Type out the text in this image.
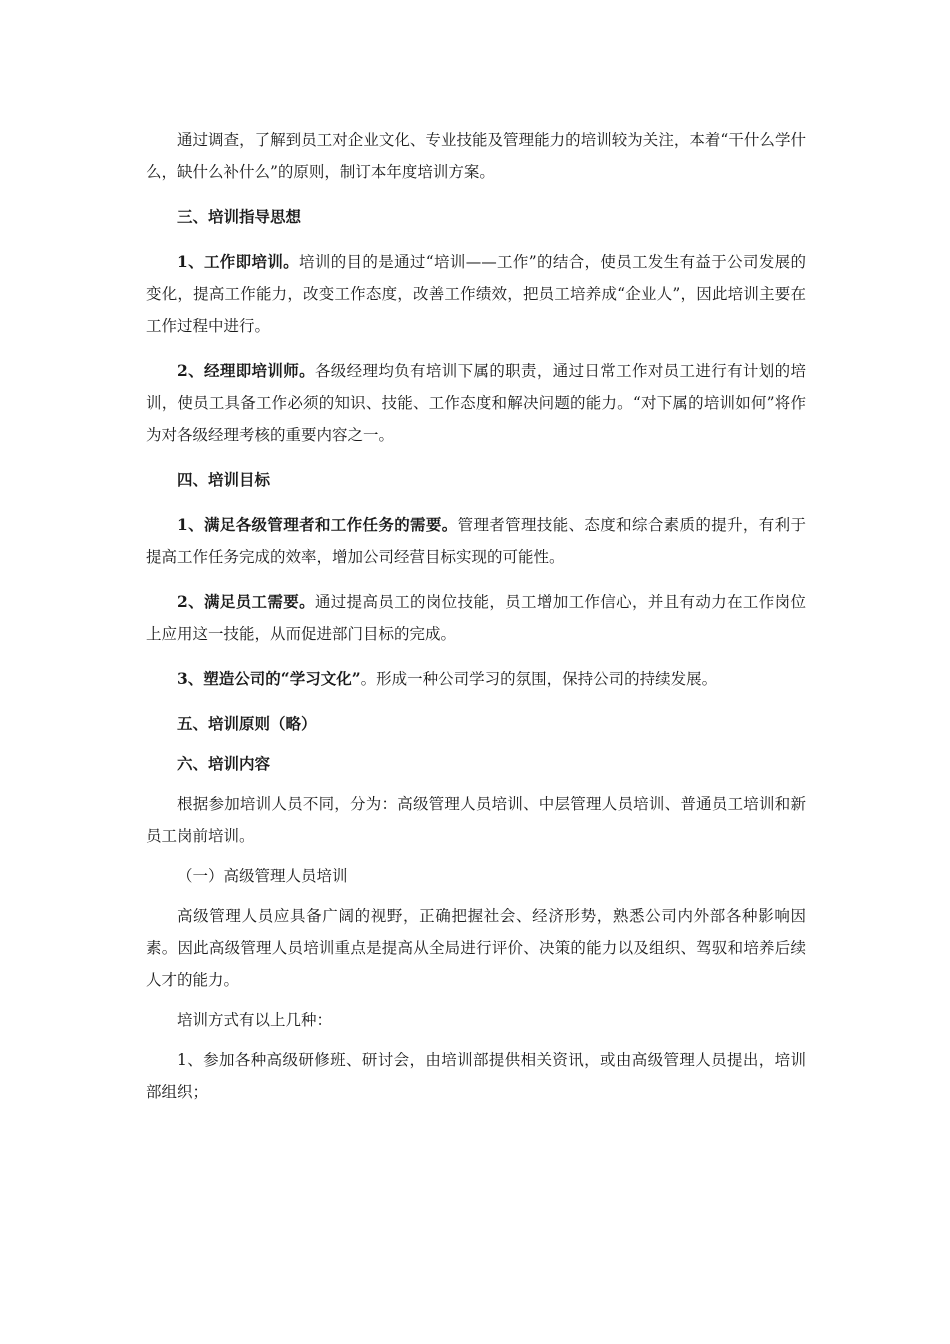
通过调查，了解到员工对企业文化、专业技能及管理能力的培训较为关注，本着“干什么学什么，缺什么补什么”的原则，制订本年度培训方案。

三、培训指导思想

1、工作即培训。培训的目的是通过“培训——工作”的结合，使员工发生有益于公司发展的变化，提高工作能力，改变工作态度，改善工作绩效，把员工培养成“企业人”，因此培训主要在工作过程中进行。

2、经理即培训师。各级经理均负有培训下属的职责，通过日常工作对员工进行有计划的培训，使员工具备工作必须的知识、技能、工作态度和解决问题的能力。“对下属的培训如何”将作为对各级经理考核的重要内容之一。

四、培训目标

1、满足各级管理者和工作任务的需要。管理者管理技能、态度和综合素质的提升，有利于提高工作任务完成的效率，增加公司经营目标实现的可能性。

2、满足员工需要。通过提高员工的岗位技能，员工增加工作信心，并且有动力在工作岗位上应用这一技能，从而促进部门目标的完成。

3、塑造公司的“学习文化”。形成一种公司学习的氛围，保持公司的持续发展。

五、培训原则（略）

六、培训内容

根据参加培训人员不同，分为：高级管理人员培训、中层管理人员培训、普通员工培训和新员工岗前培训。

（一）高级管理人员培训

高级管理人员应具备广阔的视野，正确把握社会、经济形势，熟悉公司内外部各种影响因素。因此高级管理人员培训重点是提高从全局进行评价、决策的能力以及组织、驾驭和培养后续人才的能力。

培训方式有以上几种：

1、参加各种高级研修班、研讨会，由培训部提供相关资讯，或由高级管理人员提出，培训部组织；
